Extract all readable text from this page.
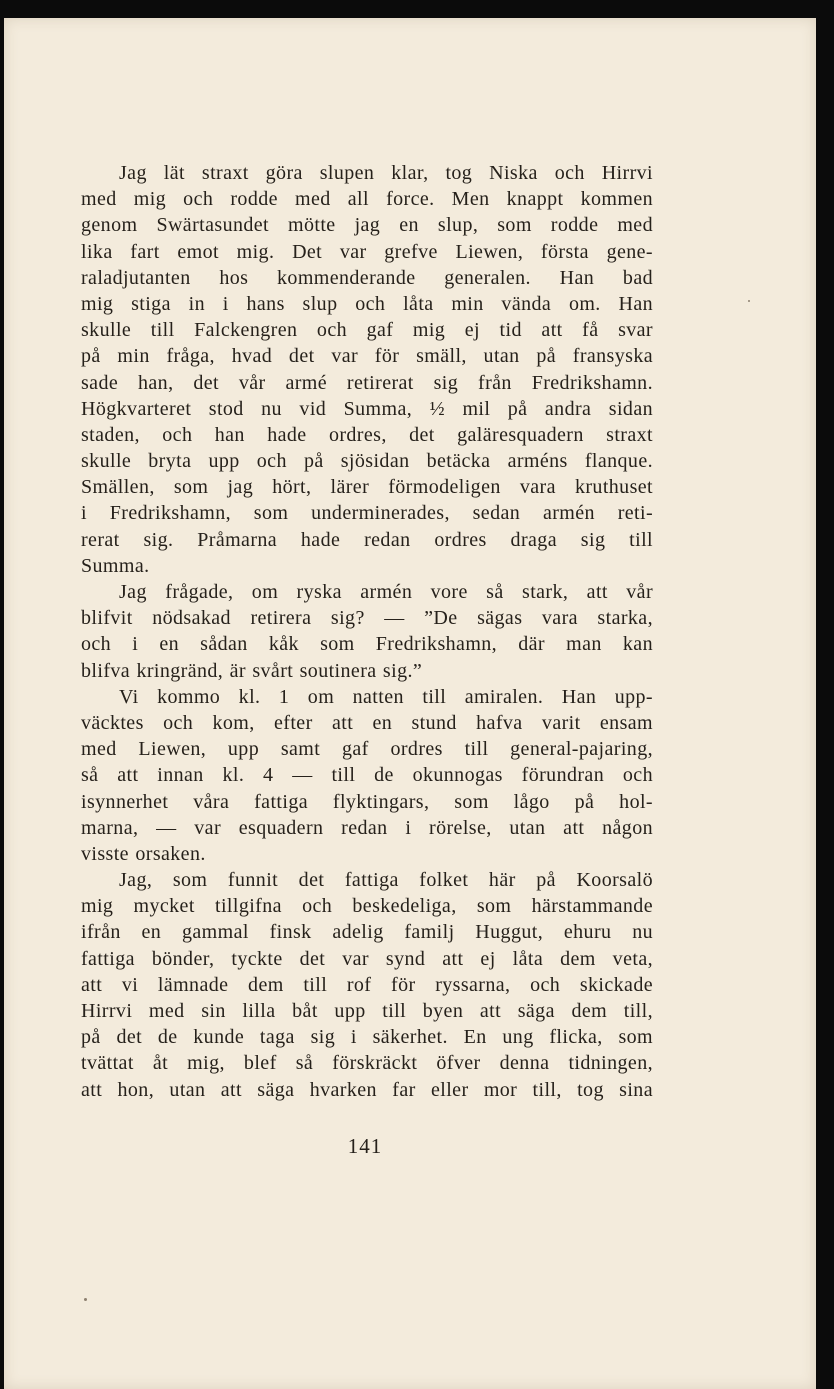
Jag lät straxt göra slupen klar, tog Niska och Hirrvi
med mig och rodde med all force. Men knappt kommen
genom Swärtasundet mötte jag en slup, som rodde med
lika fart emot mig. Det var grefve Liewen, första gene-
raladjutanten hos kommenderande generalen. Han bad
mig stiga in i hans slup och låta min vända om. Han
skulle till Falckengren och gaf mig ej tid att få svar
på min fråga, hvad det var för smäll, utan på fransyska
sade han, det vår armé retirerat sig från Fredrikshamn.
Högkvarteret stod nu vid Summa, ½ mil på andra sidan
staden, och han hade ordres, det galäresquadern straxt
skulle bryta upp och på sjösidan betäcka arméns flanque.
Smällen, som jag hört, lärer förmodeligen vara kruthuset
i Fredrikshamn, som underminerades, sedan armén reti-
rerat sig. Pråmarna hade redan ordres draga sig till
Summa.
Jag frågade, om ryska armén vore så stark, att vår
blifvit nödsakad retirera sig? — ”De sägas vara starka,
och i en sådan kåk som Fredrikshamn, där man kan
blifva kringränd, är svårt soutinera sig.”
Vi kommo kl. 1 om natten till amiralen. Han upp-
väcktes och kom, efter att en stund hafva varit ensam
med Liewen, upp samt gaf ordres till general-pajaring,
så att innan kl. 4 — till de okunnogas förundran och
isynnerhet våra fattiga flyktingars, som lågo på hol-
marna, — var esquadern redan i rörelse, utan att någon
visste orsaken.
Jag, som funnit det fattiga folket här på Koorsalö
mig mycket tillgifna och beskedeliga, som härstammande
ifrån en gammal finsk adelig familj Huggut, ehuru nu
fattiga bönder, tyckte det var synd att ej låta dem veta,
att vi lämnade dem till rof för ryssarna, och skickade
Hirrvi med sin lilla båt upp till byen att säga dem till,
på det de kunde taga sig i säkerhet. En ung flicka, som
tvättat åt mig, blef så förskräckt öfver denna tidningen,
att hon, utan att säga hvarken far eller mor till, tog sina
141
